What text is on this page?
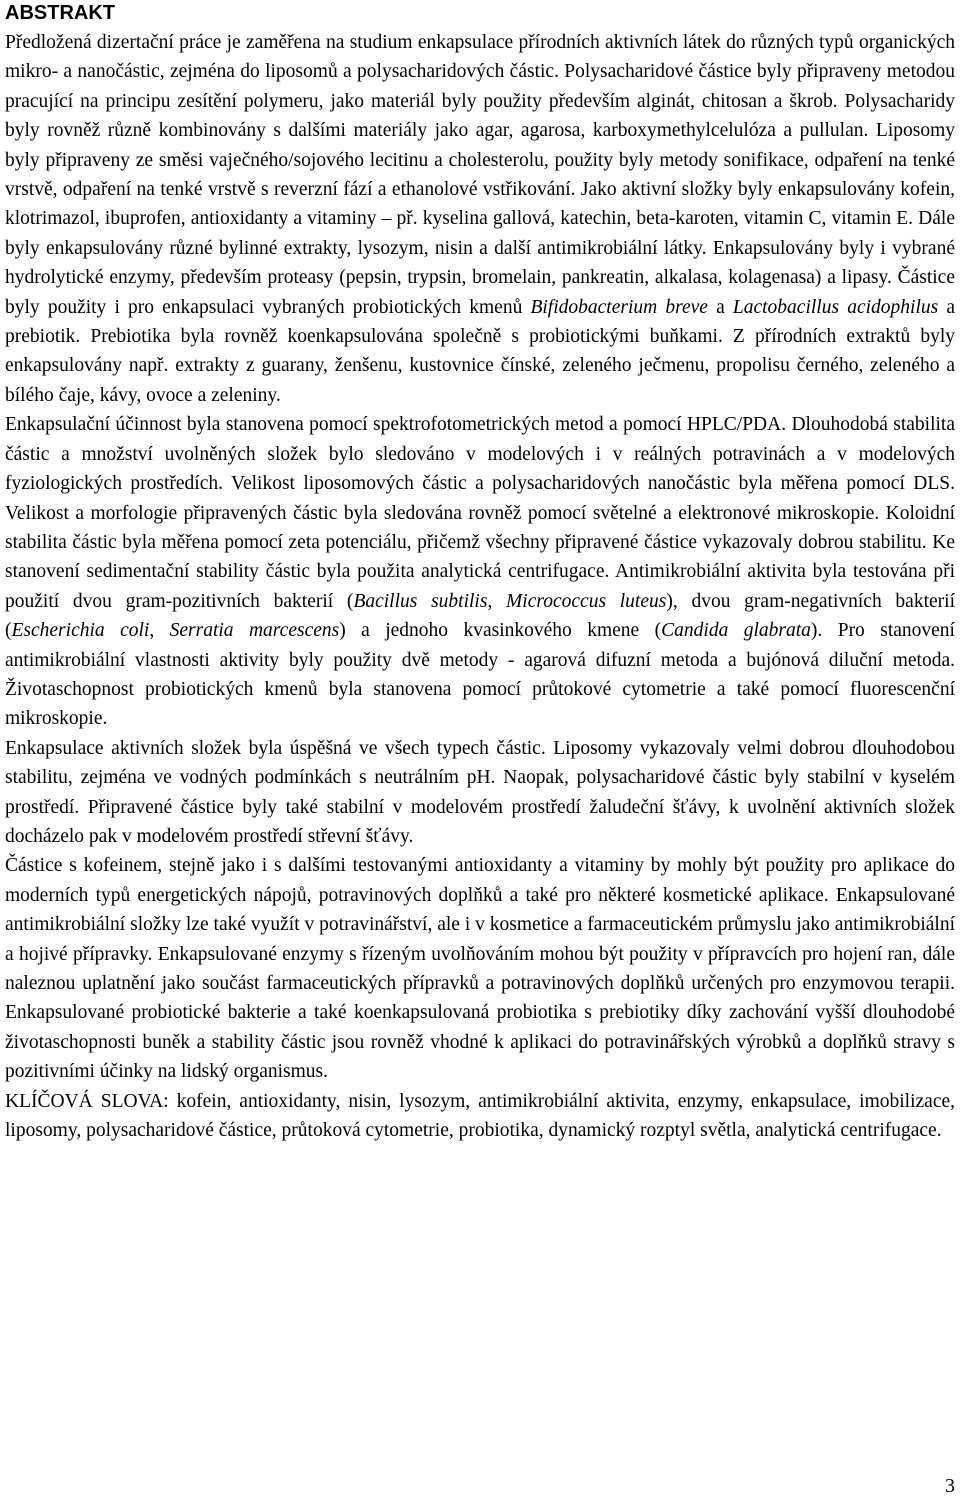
ABSTRAKT

Předložená dizertační práce je zaměřena na studium enkapsulace přírodních aktivních látek do různých typů organických mikro- a nanočástic, zejména do liposomů a polysacharidových částic. Polysacharidové částice byly připraveny metodou pracující na principu zesítění polymeru, jako materiál byly použity především alginát, chitosan a škrob. Polysacharidy byly rovněž různě kombinovány s dalšími materiály jako agar, agarosa, karboxymethylcelulóza a pullulan. Liposomy byly připraveny ze směsi vaječného/sojového lecitinu a cholesterolu, použity byly metody sonifikace, odpaření na tenké vrstvě, odpaření na tenké vrstvě s reverzní fází a ethanolové vstřikování. Jako aktivní složky byly enkapsulovány kofein, klotrimazol, ibuprofen, antioxidanty a vitaminy – př. kyselina gallová, katechin, beta-karoten, vitamin C, vitamin E. Dále byly enkapsulovány různé bylinné extrakty, lysozym, nisin a další antimikrobiální látky. Enkapsulovány byly i vybrané hydrolytické enzymy, především proteasy (pepsin, trypsin, bromelain, pankreatin, alkalasa, kolagenasa) a lipasy. Částice byly použity i pro enkapsulaci vybraných probiotických kmenů Bifidobacterium breve a Lactobacillus acidophilus a prebiotik. Prebiotika byla rovněž koenkapsulována společně s probiotickými buňkami. Z přírodních extraktů byly enkapsulovány např. extrakty z guarany, ženšenu, kustovnice čínské, zeleného ječmenu, propolisu černého, zeleného a bílého čaje, kávy, ovoce a zeleniny.

Enkapsulační účinnost byla stanovena pomocí spektrofotometrických metod a pomocí HPLC/PDA. Dlouhodobá stabilita částic a množství uvolněných složek bylo sledováno v modelových i v reálných potravinách a v modelových fyziologických prostředích. Velikost liposomových částic a polysacharidových nanočástic byla měřena pomocí DLS. Velikost a morfologie připravených částic byla sledována rovněž pomocí světelné a elektronové mikroskopie. Koloidní stabilita částic byla měřena pomocí zeta potenciálu, přičemž všechny připravené částice vykazovaly dobrou stabilitu. Ke stanovení sedimentační stability částic byla použita analytická centrifugace. Antimikrobiální aktivita byla testována při použití dvou gram-pozitivních bakterií (Bacillus subtilis, Micrococcus luteus), dvou gram-negativních bakterií (Escherichia coli, Serratia marcescens) a jednoho kvasinkového kmene (Candida glabrata). Pro stanovení antimikrobiální vlastnosti aktivity byly použity dvě metody - agarová difuzní metoda a bujónová diluční metoda. Životaschopnost probiotických kmenů byla stanovena pomocí průtokové cytometrie a také pomocí fluorescenční mikroskopie.

Enkapsulace aktivních složek byla úspěšná ve všech typech částic. Liposomy vykazovaly velmi dobrou dlouhodobou stabilitu, zejména ve vodných podmínkách s neutrálním pH. Naopak, polysacharidové částic byly stabilní v kyselém prostředí. Připravené částice byly také stabilní v modelovém prostředí žaludeční šťávy, k uvolnění aktivních složek docházelo pak v modelovém prostředí střevní šťávy.

Částice s kofeinem, stejně jako i s dalšími testovanými antioxidanty a vitaminy by mohly být použity pro aplikace do moderních typů energetických nápojů, potravinových doplňků a také pro některé kosmetické aplikace. Enkapsulované antimikrobiální složky lze také využít v potravinářství, ale i v kosmetice a farmaceutickém průmyslu jako antimikrobiální a hojivé přípravky. Enkapsulované enzymy s řízeným uvolňováním mohou být použity v přípravcích pro hojení ran, dále naleznou uplatnění jako součást farmaceutických přípravků a potravinových doplňků určených pro enzymovou terapii. Enkapsulované probiotické bakterie a také koenkapsulovaná probiotika s prebiotiky díky zachování vyšší dlouhodobé životaschopnosti buněk a stability částic jsou rovněž vhodné k aplikaci do potravinářských výrobků a doplňků stravy s pozitivními účinky na lidský organismus.

KLÍČOVÁ SLOVA: kofein, antioxidanty, nisin, lysozym, antimikrobiální aktivita, enzymy, enkapsulace, imobilizace, liposomy, polysacharidové částice, průtoková cytometrie, probiotika, dynamický rozptyl světla, analytická centrifugace.

3
